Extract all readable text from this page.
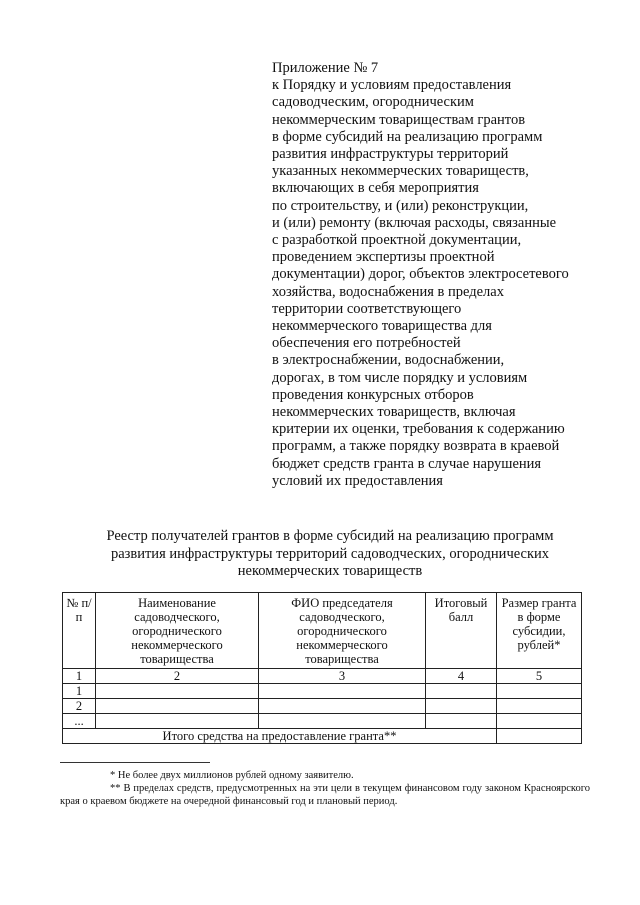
Приложение № 7
к Порядку и условиям предоставления
садоводческим, огородническим
некоммерческим товариществам грантов
в форме субсидий на реализацию программ
развития инфраструктуры территорий
указанных некоммерческих товариществ,
включающих в себя мероприятия
по строительству, и (или) реконструкции,
и (или) ремонту (включая расходы, связанные
с разработкой проектной документации,
проведением экспертизы проектной
документации) дорог, объектов электросетевого
хозяйства, водоснабжения в пределах
территории соответствующего
некоммерческого товарищества для
обеспечения его потребностей
в электроснабжении, водоснабжении,
дорогах, в том числе порядку и условиям
проведения конкурсных отборов
некоммерческих товариществ, включая
критерии их оценки, требования к содержанию
программ, а также порядку возврата в краевой
бюджет средств гранта в случае нарушения
условий их предоставления
Реестр получателей грантов в форме субсидий на реализацию программ
развития инфраструктуры территорий садоводческих, огороднических
некоммерческих товариществ
№ п/п	Наименование садоводческого, огороднического некоммерческого товарищества	ФИО председателя садоводческого, огороднического некоммерческого товарищества	Итоговый балл	Размер гранта в форме субсидии, рублей*
1	2	3	4	5
1				
2				
...				
Итого средства на предоставление гранта**				
* Не более двух миллионов рублей одному заявителю.
** В пределах средств, предусмотренных на эти цели в текущем финансовом году законом Красноярского края о краевом бюджете на очередной финансовый год и плановый период.
